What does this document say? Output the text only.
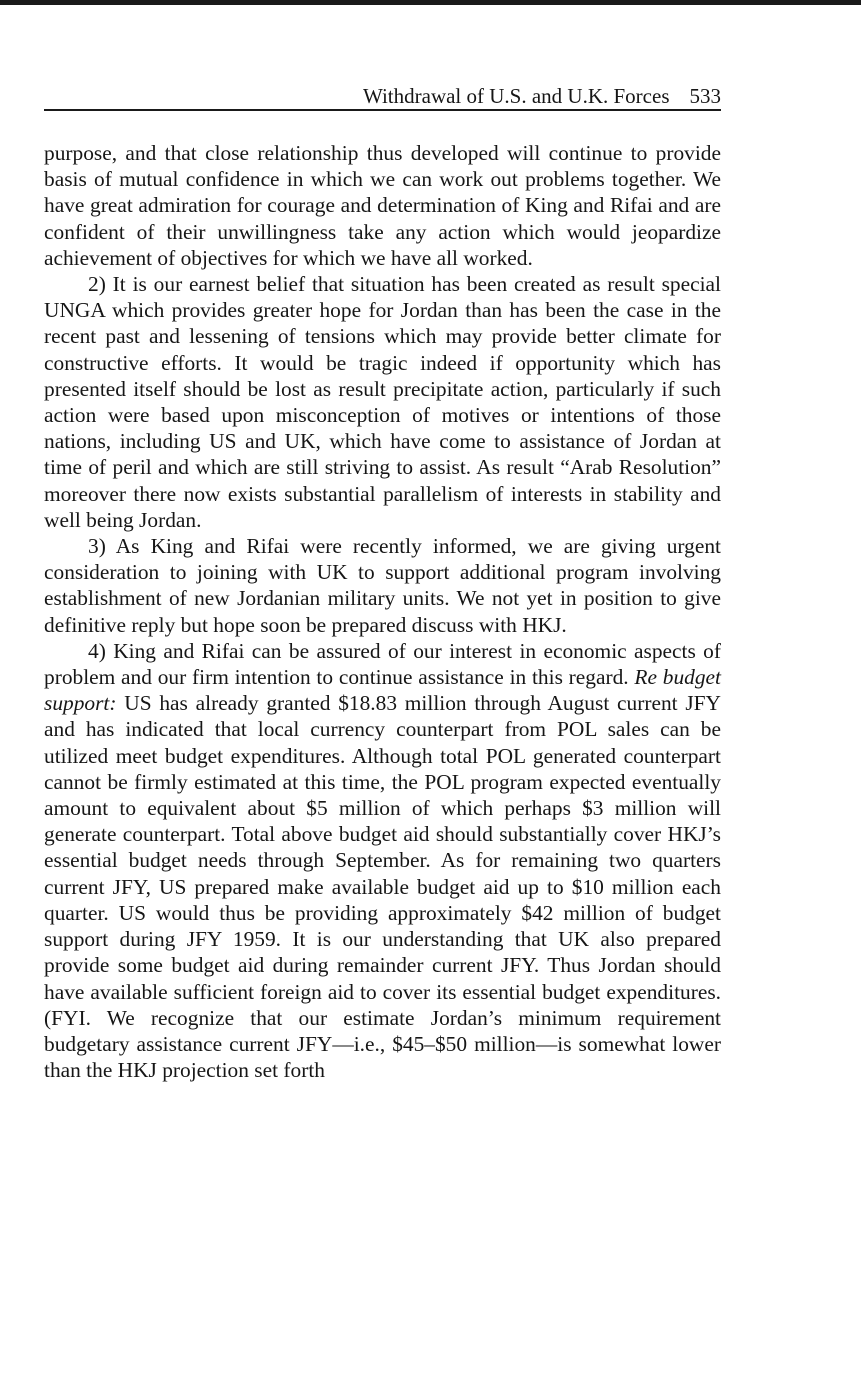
Withdrawal of U.S. and U.K. Forces 533

purpose, and that close relationship thus developed will continue to provide basis of mutual confidence in which we can work out problems together. We have great admiration for courage and determination of King and Rifai and are confident of their unwillingness take any action which would jeopardize achievement of objectives for which we have all worked.

2) It is our earnest belief that situation has been created as result special UNGA which provides greater hope for Jordan than has been the case in the recent past and lessening of tensions which may provide better climate for constructive efforts. It would be tragic indeed if opportunity which has presented itself should be lost as result precipitate action, particularly if such action were based upon misconception of motives or intentions of those nations, including US and UK, which have come to assistance of Jordan at time of peril and which are still striving to assist. As result “Arab Resolution” moreover there now exists substantial parallelism of interests in stability and well being Jordan.

3) As King and Rifai were recently informed, we are giving urgent consideration to joining with UK to support additional program involving establishment of new Jordanian military units. We not yet in position to give definitive reply but hope soon be prepared discuss with HKJ.

4) King and Rifai can be assured of our interest in economic aspects of problem and our firm intention to continue assistance in this regard. Re budget support: US has already granted $18.83 million through August current JFY and has indicated that local currency counterpart from POL sales can be utilized meet budget expenditures. Although total POL generated counterpart cannot be firmly estimated at this time, the POL program expected eventually amount to equivalent about $5 million of which perhaps $3 million will generate counterpart. Total above budget aid should substantially cover HKJ’s essential budget needs through September. As for remaining two quarters current JFY, US prepared make available budget aid up to $10 million each quarter. US would thus be providing approximately $42 million of budget support during JFY 1959. It is our understanding that UK also prepared provide some budget aid during remainder current JFY. Thus Jordan should have available sufficient foreign aid to cover its essential budget expenditures. (FYI. We recognize that our estimate Jordan’s minimum requirement budgetary assistance current JFY—i.e., $45–$50 million—is somewhat lower than the HKJ projection set forth
